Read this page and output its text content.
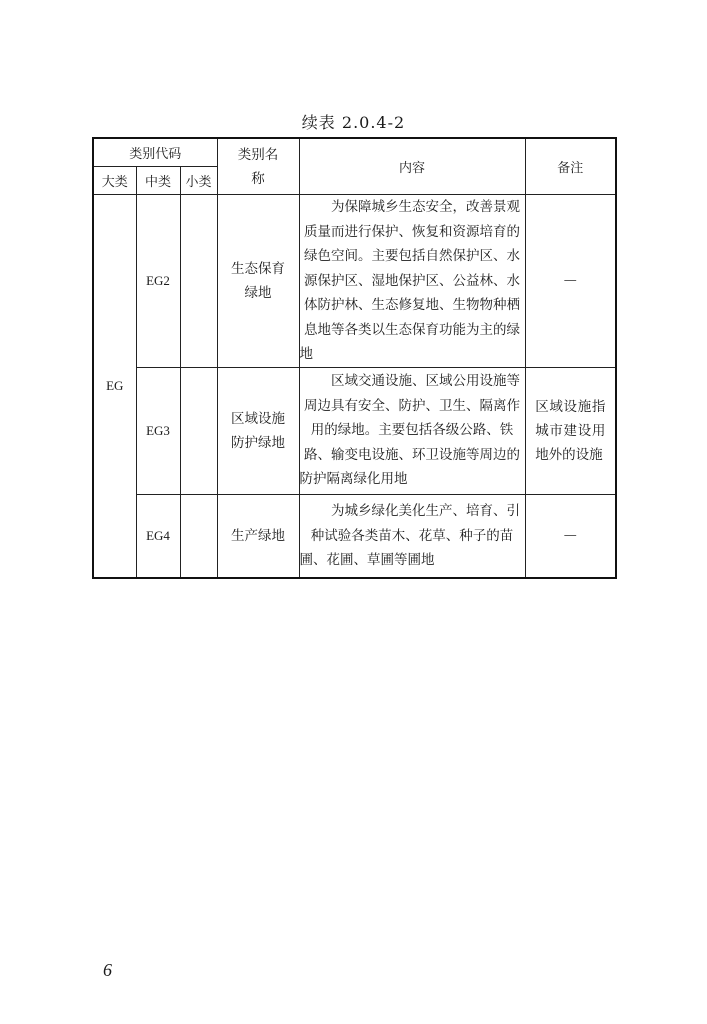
续表 2.0.4-2
类别代码			类别名称	内容	备注
大类	中类	小类			
EG	EG2		生态保育绿地	为保障城乡生态安全，改善景观质量而进行保护、恢复和资源培育的绿色空间。主要包括自然保护区、水源保护区、湿地保护区、公益林、水体防护林、生态修复地、生物物种栖息地等各类以生态保育功能为主的绿地	—
	EG3		区域设施防护绿地	区域交通设施、区域公用设施等周边具有安全、防护、卫生、隔离作用的绿地。主要包括各级公路、铁路、输变电设施、环卫设施等周边的防护隔离绿化用地	区域设施指城市建设用地外的设施
	EG4		生产绿地	为城乡绿化美化生产、培育、引种试验各类苗木、花草、种子的苗圃、花圃、草圃等圃地	—
6
